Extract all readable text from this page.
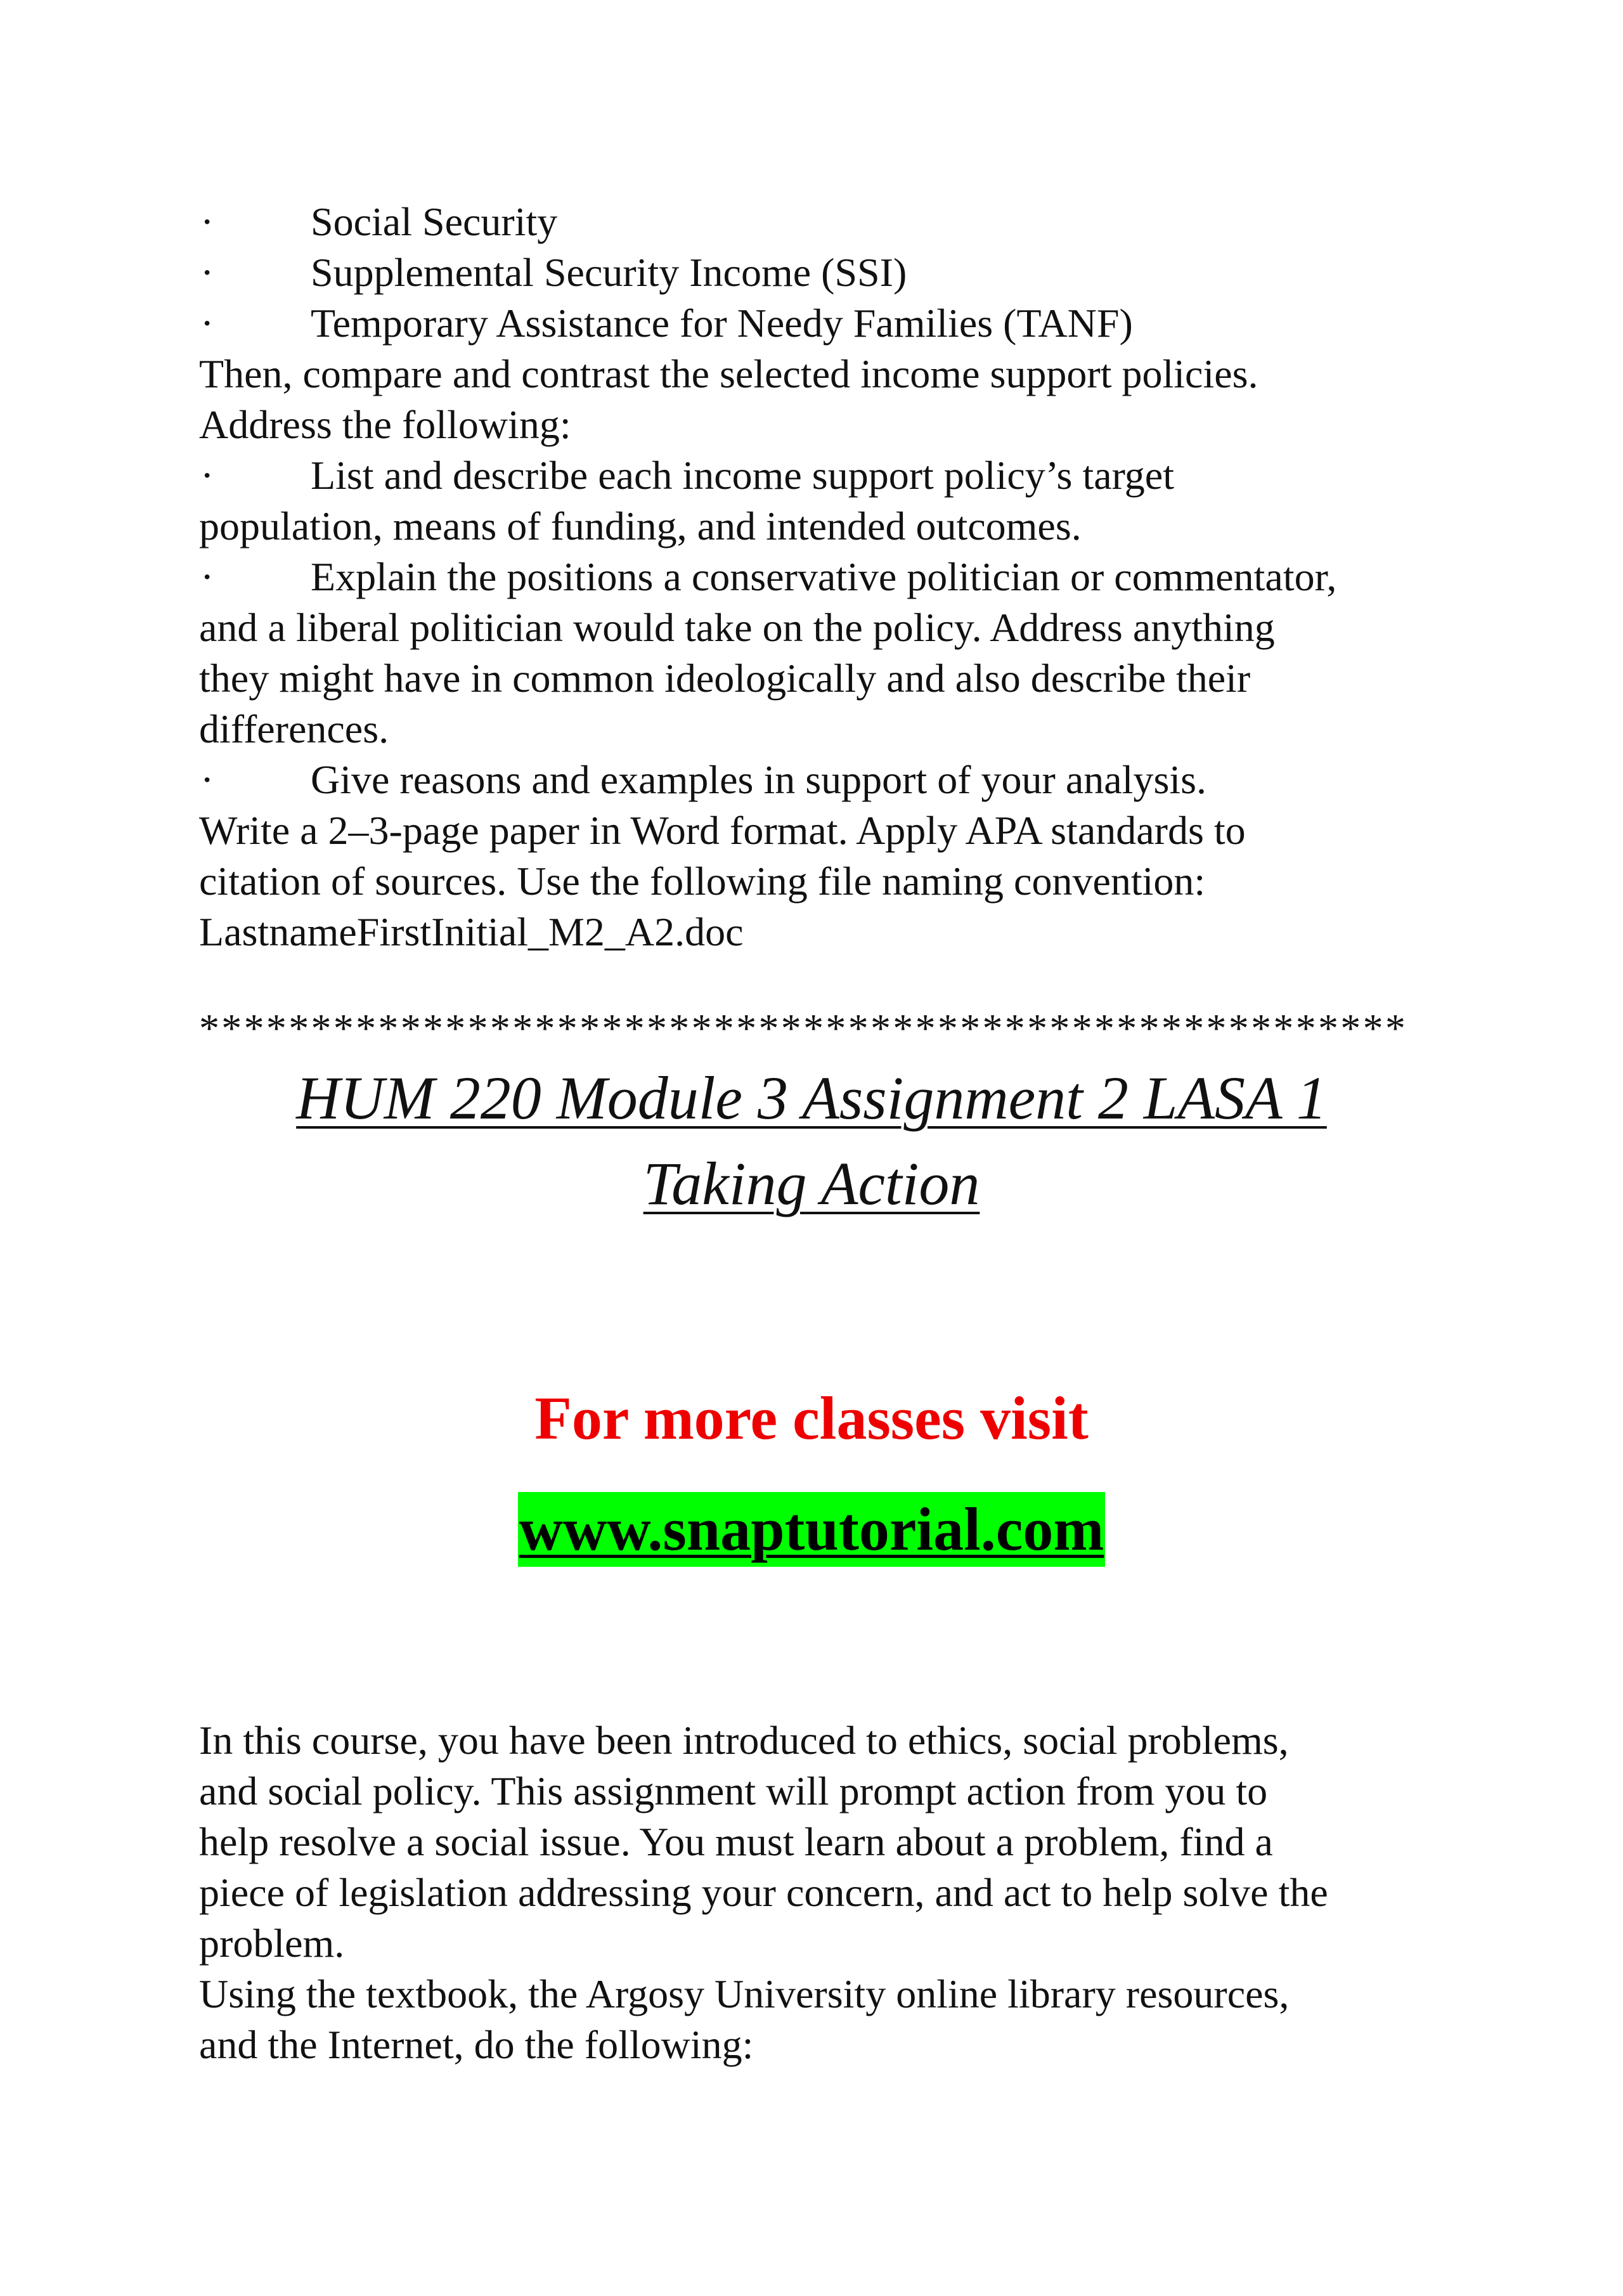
· Social Security
· Supplemental Security Income (SSI)
· Temporary Assistance for Needy Families (TANF)
Then, compare and contrast the selected income support policies.
Address the following:
· List and describe each income support policy’s target
population, means of funding, and intended outcomes.
· Explain the positions a conservative politician or commentator,
and a liberal politician would take on the policy. Address anything
they might have in common ideologically and also describe their
differences.
· Give reasons and examples in support of your analysis.
Write a 2–3-page paper in Word format. Apply APA standards to
citation of sources. Use the following file naming convention:
LastnameFirstInitial_M2_A2.doc
******************************************************
HUM 220 Module 3 Assignment 2 LASA 1
Taking Action
For more classes visit
www.snaptutorial.com
In this course, you have been introduced to ethics, social problems,
and social policy. This assignment will prompt action from you to
help resolve a social issue. You must learn about a problem, find a
piece of legislation addressing your concern, and act to help solve the
problem.
Using the textbook, the Argosy University online library resources,
and the Internet, do the following:
